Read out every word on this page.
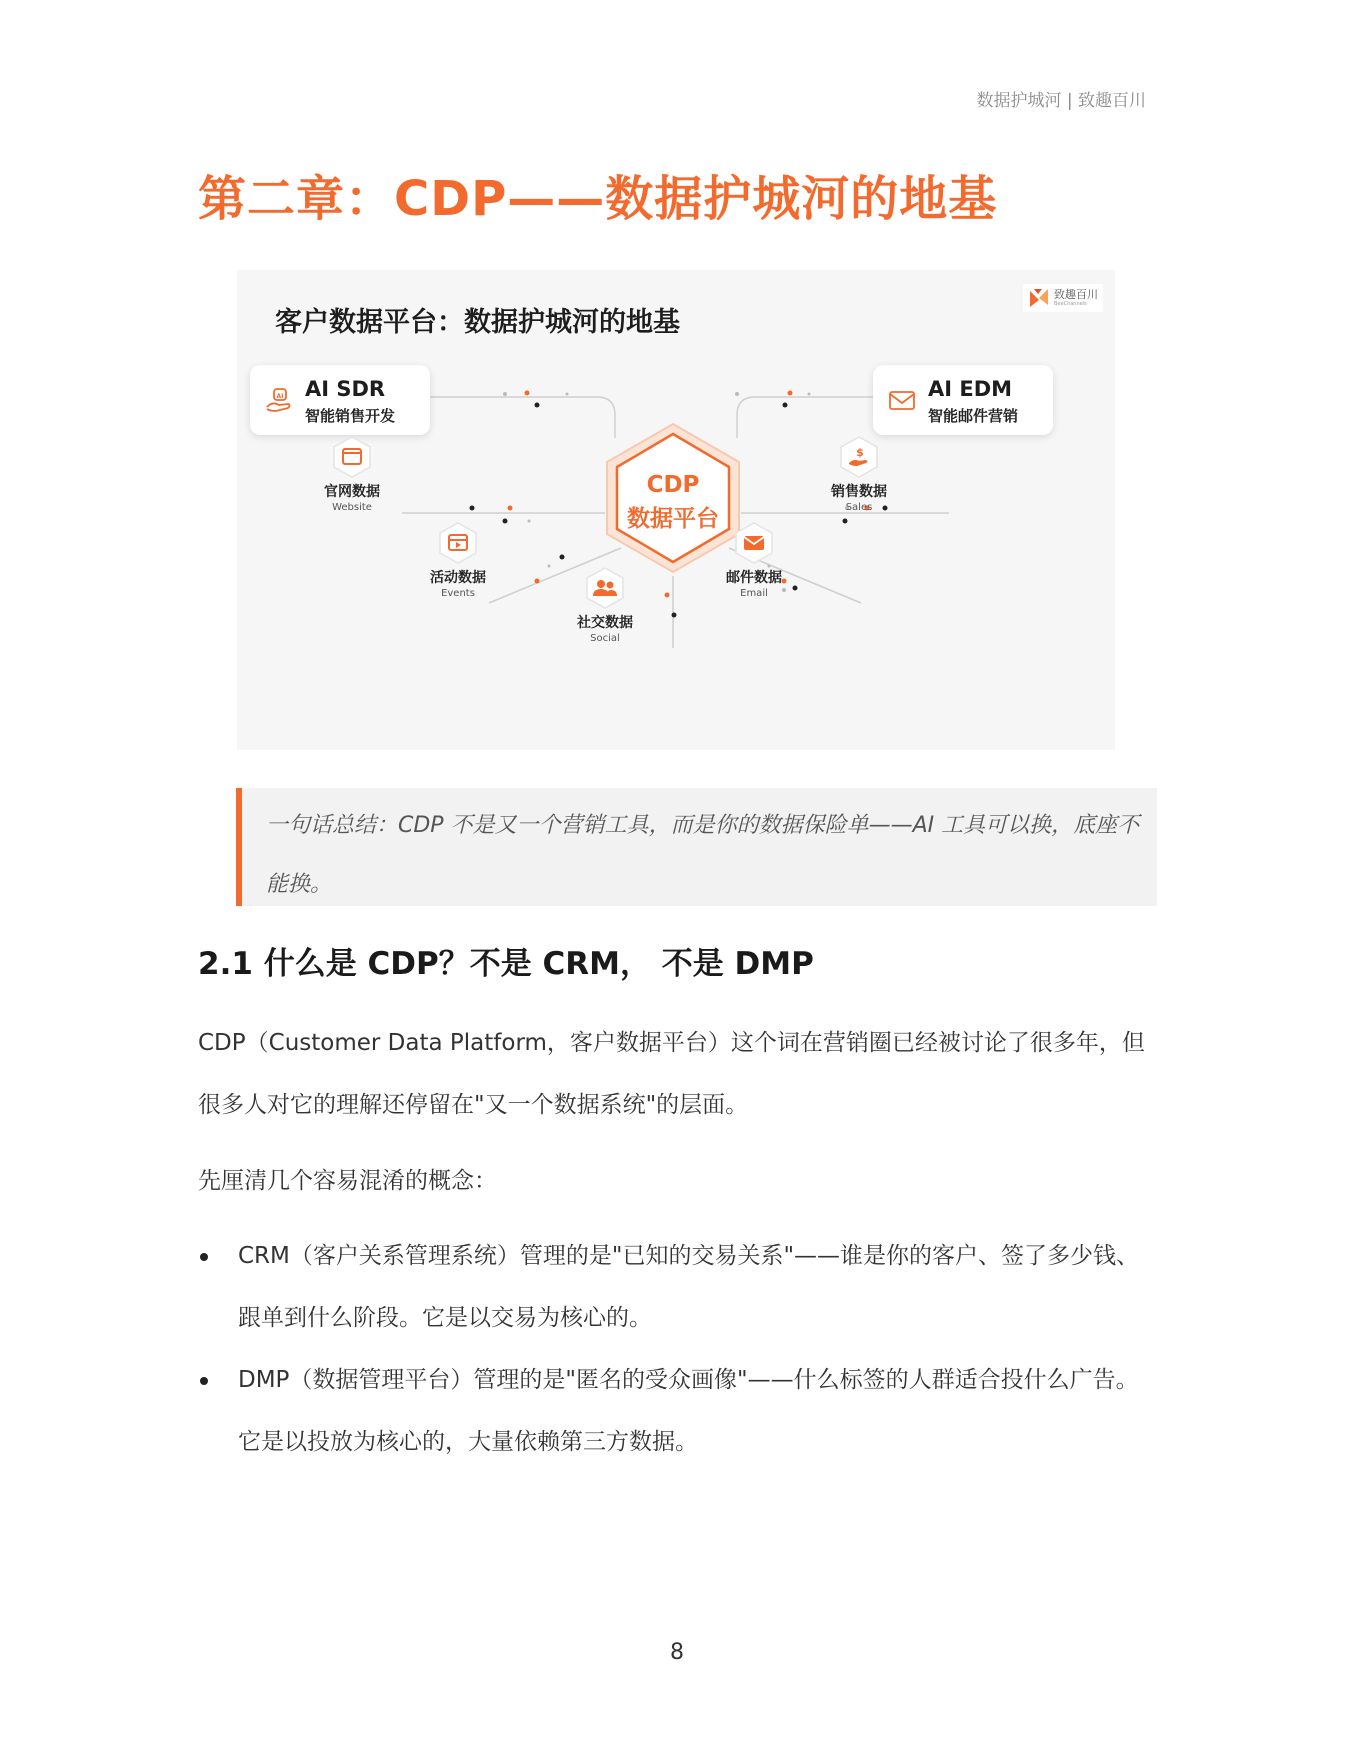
数据护城河 | 致趣百川
第二章：CDP——数据护城河的地基
客户数据平台：数据护城河的地基
致趣百川
BeeChannels
AI AI SDR
智能销售开发
AI EDM
智能邮件营销
CDP
数据平台
官网数据
Website
$
销售数据
Sales
活动数据
Events
邮件数据
Email
社交数据
Social

一句话总结：CDP 不是又一个营销工具，而是你的数据保险单——AI 工具可以换，底座不能换。

2.1 什么是 CDP？不是 CRM， 不是 DMP

CDP（Customer Data Platform，客户数据平台）这个词在营销圈已经被讨论了很多年，但很多人对它的理解还停留在"又一个数据系统"的层面。

先厘清几个容易混淆的概念：

CRM（客户关系管理系统）管理的是"已知的交易关系"——谁是你的客户、签了多少钱、跟单到什么阶段。它是以交易为核心的。
DMP（数据管理平台）管理的是"匿名的受众画像"——什么标签的人群适合投什么广告。它是以投放为核心的，大量依赖第三方数据。
8
